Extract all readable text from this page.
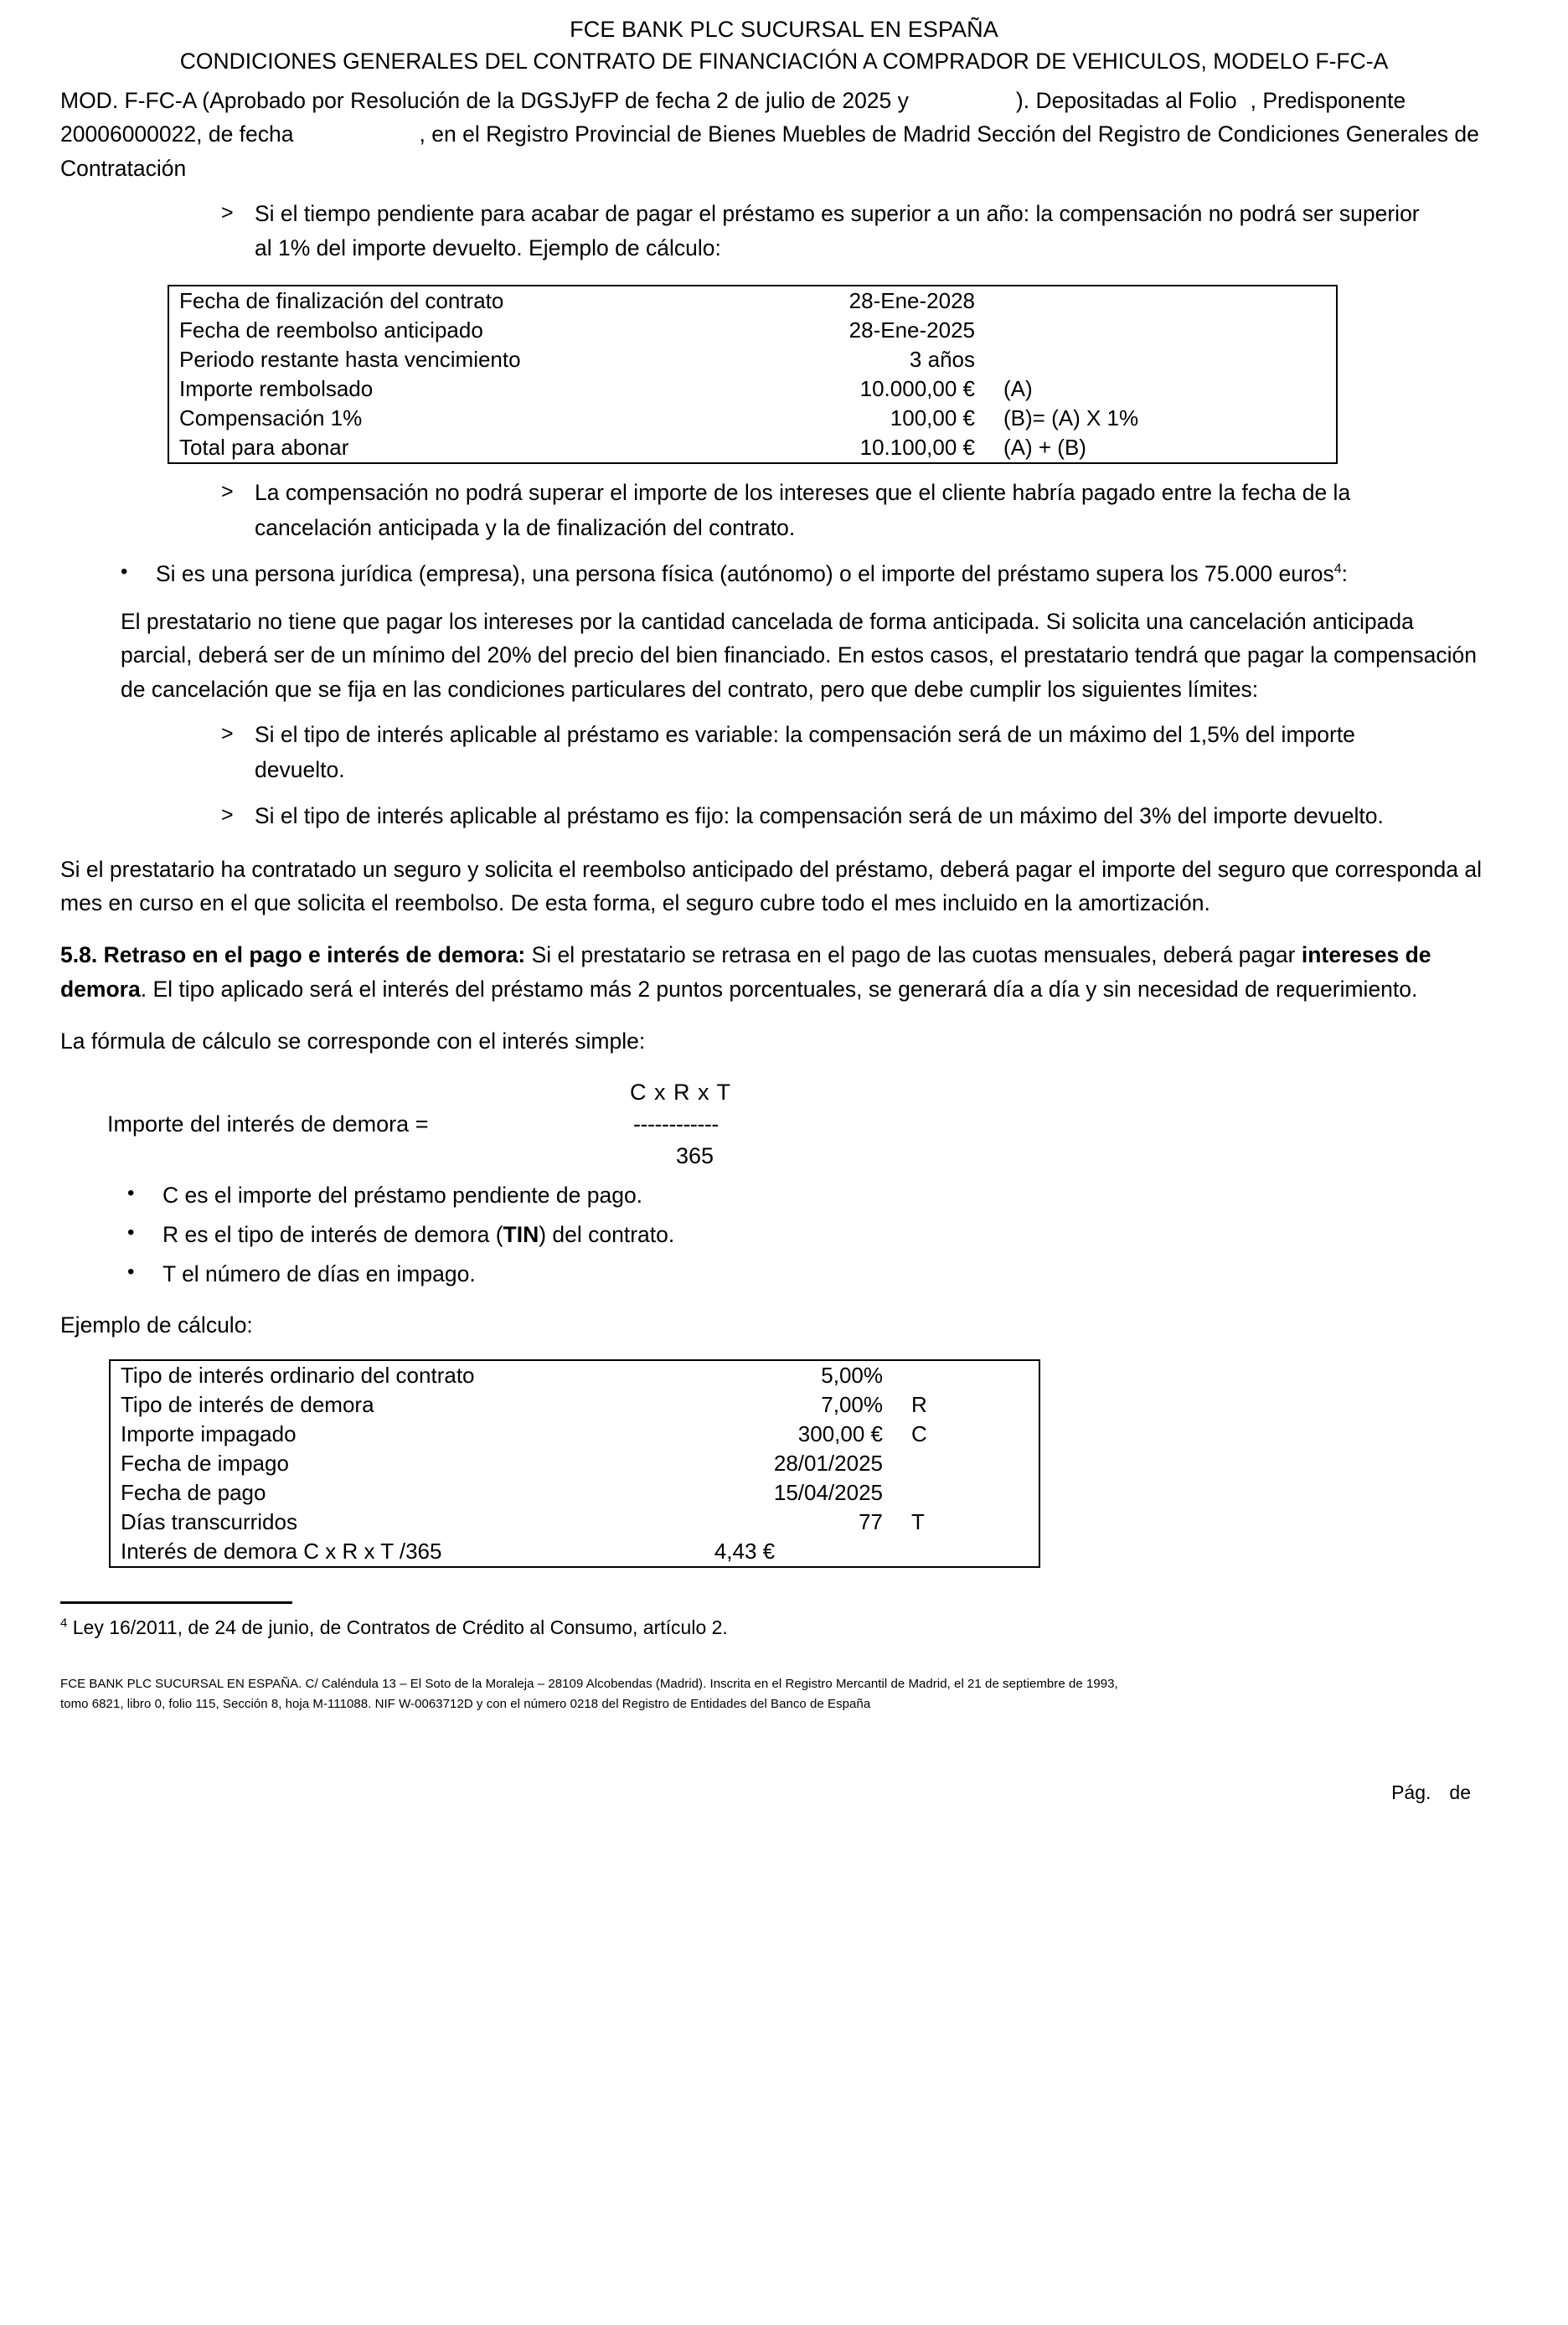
FCE BANK PLC SUCURSAL EN ESPAÑA
CONDICIONES GENERALES DEL CONTRATO DE FINANCIACIÓN A COMPRADOR DE VEHICULOS, MODELO F-FC-A
MOD. F-FC-A (Aprobado por Resolución de la DGSJyFP de fecha 2 de julio de 2025 y	). Depositadas al Folio , Predisponente 20006000022, de fecha	, en el Registro Provincial de Bienes Muebles de Madrid Sección del Registro de Condiciones Generales de Contratación
> Si el tiempo pendiente para acabar de pagar el préstamo es superior a un año: la compensación no podrá ser superior al 1% del importe devuelto. Ejemplo de cálculo:
Fecha de finalización del contrato	28-Ene-2028	
Fecha de reembolso anticipado	28-Ene-2025	
Periodo restante hasta vencimiento	3 años	
Importe rembolsado	10.000,00 €	(A)
Compensación 1%	100,00 €	(B)= (A) X 1%
Total para abonar	10.100,00 €	(A) + (B)
> La compensación no podrá superar el importe de los intereses que el cliente habría pagado entre la fecha de la cancelación anticipada y la de finalización del contrato.
•	Si es una persona jurídica (empresa), una persona física (autónomo) o el importe del préstamo supera los 75.000 euros$^4$:
El prestatario no tiene que pagar los intereses por la cantidad cancelada de forma anticipada. Si solicita una cancelación anticipada parcial, deberá ser de un mínimo del 20% del precio del bien financiado. En estos casos, el prestatario tendrá que pagar la compensación de cancelación que se fija en las condiciones particulares del contrato, pero que debe cumplir los siguientes límites:
> Si el tipo de interés aplicable al préstamo es variable: la compensación será de un máximo del 1,5% del importe devuelto.
> Si el tipo de interés aplicable al préstamo es fijo: la compensación será de un máximo del 3% del importe devuelto.
Si el prestatario ha contratado un seguro y solicita el reembolso anticipado del préstamo, deberá pagar el importe del seguro que corresponda al mes en curso en el que solicita el reembolso. De esta forma, el seguro cubre todo el mes incluido en la amortización.
5.8. Retraso en el pago e interés de demora: Si el prestatario se retrasa en el pago de las cuotas mensuales, deberá pagar intereses de demora. El tipo aplicado será el interés del préstamo más 2 puntos porcentuales, se generará día a día y sin necesidad de requerimiento.
La fórmula de cálculo se corresponde con el interés simple:
C x R x T
Importe del interés de demora =	------------
365
•	C es el importe del préstamo pendiente de pago.
•	R es el tipo de interés de demora (TIN) del contrato.
•	T el número de días en impago.
Ejemplo de cálculo:
Tipo de interés ordinario del contrato	5,00%	
Tipo de interés de demora	7,00%	R
Importe impagado	300,00 €	C
Fecha de impago	28/01/2025	
Fecha de pago	15/04/2025	
Días transcurridos	77	T
Interés de demora C x R x T /365	4,43 €	
$^4$ Ley 16/2011, de 24 de junio, de Contratos de Crédito al Consumo, artículo 2.
FCE BANK PLC SUCURSAL EN ESPAÑA. C/ Caléndula 13 – El Soto de la Moraleja – 28109 Alcobendas (Madrid). Inscrita en el Registro Mercantil de Madrid, el 21 de septiembre de 1993,
tomo 6821, libro 0, folio 115, Sección 8, hoja M-111088. NIF W-0063712D y con el número 0218 del Registro de Entidades del Banco de España
Pág. de
